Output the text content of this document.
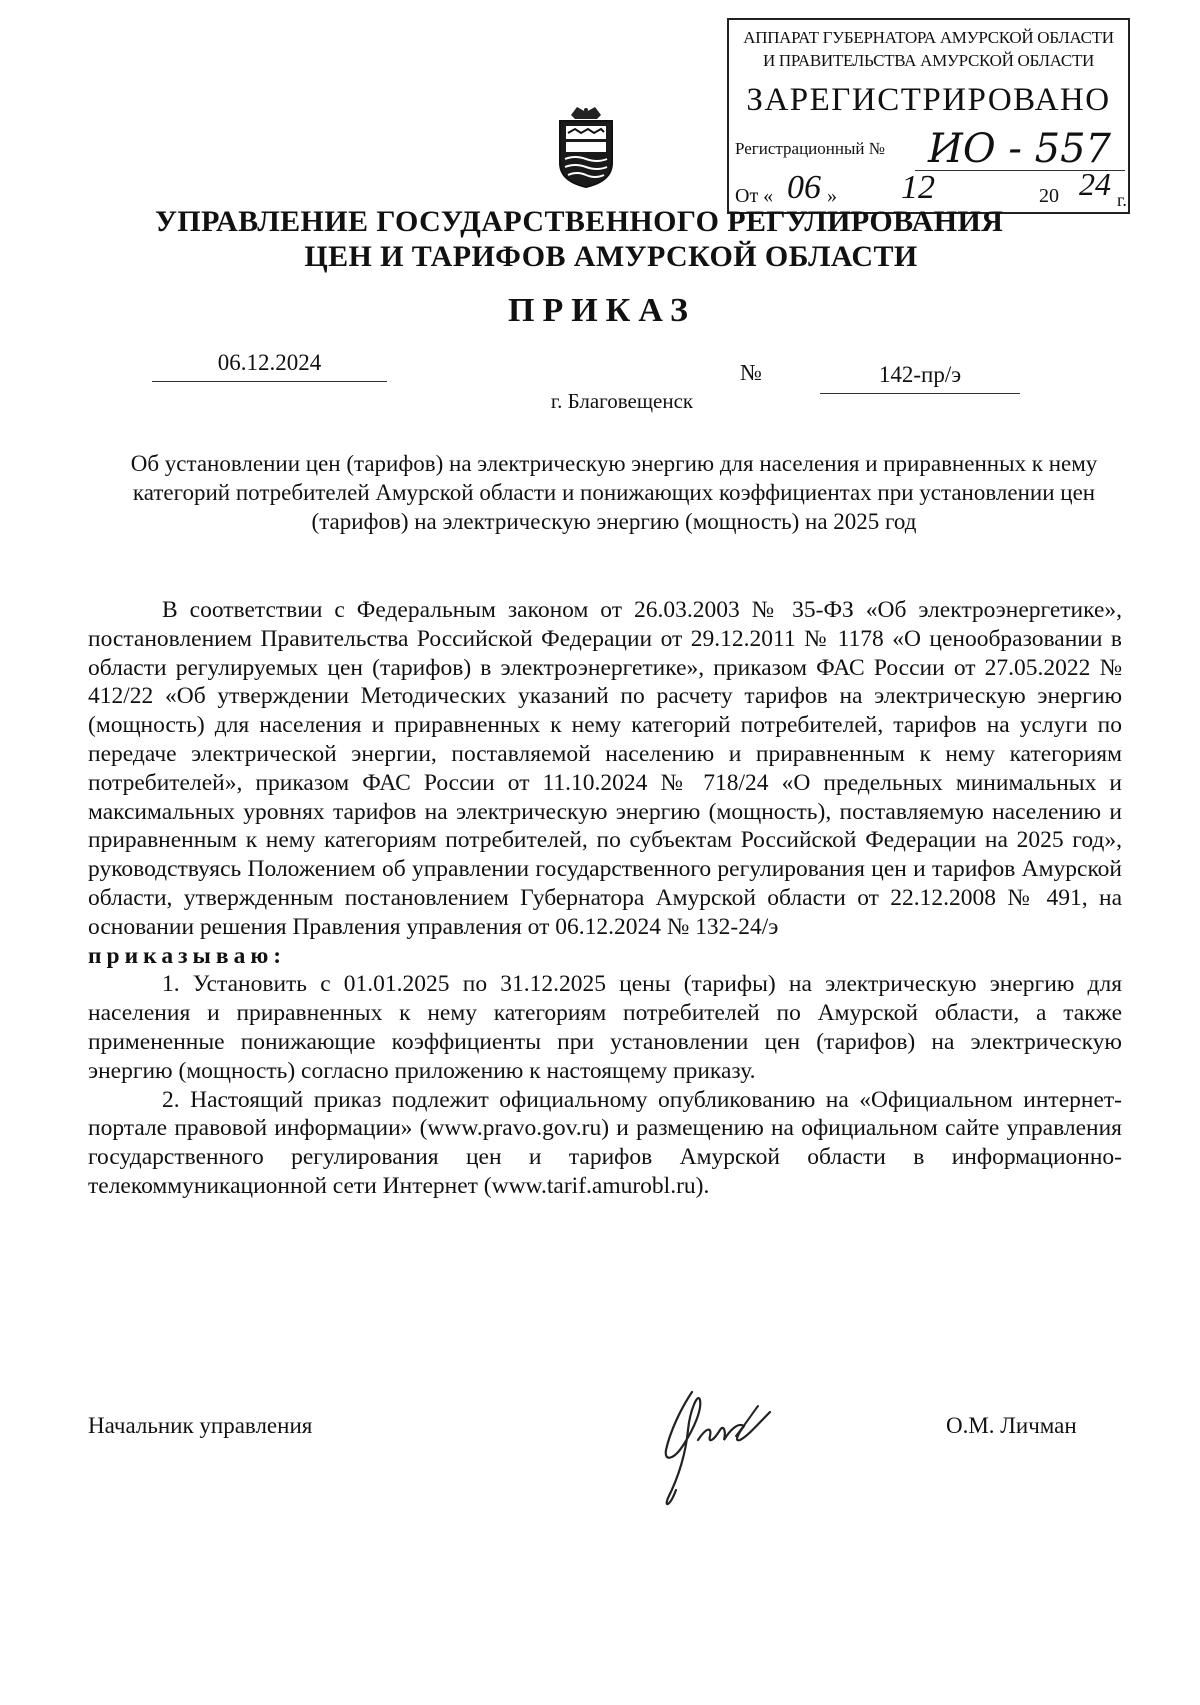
АППАРАТ ГУБЕРНАТОРА АМУРСКОЙ ОБЛАСТИ
И ПРАВИТЕЛЬСТВА АМУРСКОЙ ОБЛАСТИ
ЗАРЕГИСТРИРОВАНО
Регистрационный № ИО - 557
От « 06 » 12	20 24 г.
УПРАВЛЕНИЕ ГОСУДАРСТВЕННОГО РЕГУЛИРОВАНИЯ
ЦЕН И ТАРИФОВ АМУРСКОЙ ОБЛАСТИ
ПРИКАЗ
06.12.2024	№	142-пр/э
г. Благовещенск
Об установлении цен (тарифов) на электрическую энергию для населения и приравненных к нему категорий потребителей Амурской области и понижающих коэффициентах при установлении цен (тарифов) на электрическую энергию (мощность) на 2025 год

В соответствии с Федеральным законом от 26.03.2003 № 35-ФЗ «Об электроэнергетике», постановлением Правительства Российской Федерации от 29.12.2011 № 1178 «О ценообразовании в области регулируемых цен (тарифов) в электроэнергетике», приказом ФАС России от 27.05.2022 № 412/22 «Об утверждении Методических указаний по расчету тарифов на электрическую энергию (мощность) для населения и приравненных к нему категорий потребителей, тарифов на услуги по передаче электрической энергии, поставляемой населению и приравненным к нему категориям потребителей», приказом ФАС России от 11.10.2024 № 718/24 «О предельных минимальных и максимальных уровнях тарифов на электрическую энергию (мощность), поставляемую населению и приравненным к нему категориям потребителей, по субъектам Российской Федерации на 2025 год», руководствуясь Положением об управлении государственного регулирования цен и тарифов Амурской области, утвержденным постановлением Губернатора Амурской области от 22.12.2008 № 491, на основании решения Правления управления от 06.12.2024 № 132-24/э

приказываю:

1. Установить с 01.01.2025 по 31.12.2025 цены (тарифы) на электрическую энергию для населения и приравненных к нему категориям потребителей по Амурской области, а также примененные понижающие коэффициенты при установлении цен (тарифов) на электрическую энергию (мощность) согласно приложению к настоящему приказу.

2. Настоящий приказ подлежит официальному опубликованию на «Официальном интернет-портале правовой информации» (www.pravo.gov.ru) и размещению на официальном сайте управления государственного регулирования цен и тарифов Амурской области в информационно-телекоммуникационной сети Интернет (www.tarif.amurobl.ru).

Начальник управления	О.М. Личман
